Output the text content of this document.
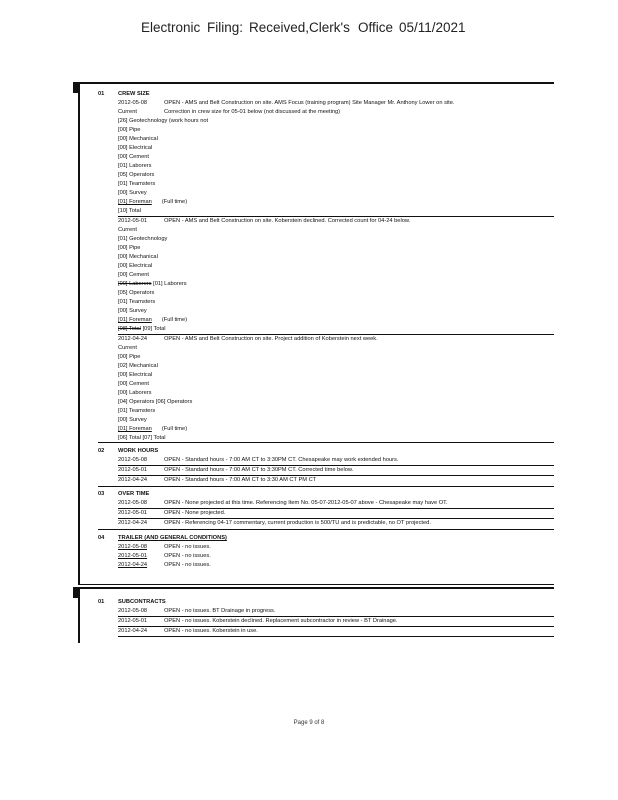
Electronic Filing: Received,Clerk's Office 05/11/2021
01 CREW SIZE
2012-05-08	OPEN - AMS and Belt Construction on site. AMS Focus (training program) Site Manager Mr. Anthony Lower on site.
Current	Correction in crew size for 05-01 below (not discussed at the meeting)
[26] Geotechnology (work hours not
[00] Pipe
[00] Mechanical
[00] Electrical
[00] Cement
[01] Laborers
[05] Operators
[01] Teamsters
[00] Survey
[01] Foreman (Full time)
[10] Total
2012-05-01	OPEN - AMS and Belt Construction on site. Koberstein declined. Corrected count for 04-24 below.
Current
[01] Geotechnology
[00] Pipe
[00] Mechanical
[00] Electrical
[00] Cement
[00] Laborers [01] Laborers
[05] Operators
[01] Teamsters
[00] Survey
[01] Foreman (Full time)
[08] Total [09] Total
2012-04-24	OPEN - AMS and Belt Construction on site. Project addition of Koberstein next week.
Current
[00] Pipe
[02] Mechanical
[00] Electrical
[00] Cement
[00] Laborers
[04] Operators [06] Operators
[01] Teamsters
[00] Survey
[01] Foreman (Full time)
[06] Total [07] Total
02 WORK HOURS
2012-05-08	OPEN - Standard hours - 7:00 AM CT to 3:30PM CT. Chesapeake may work extended hours.
2012-05-01	OPEN - Standard hours - 7:00 AM CT to 3:30PM CT. Corrected time below.
2012-04-24	OPEN - Standard hours - 7:00 AM CT to 3:30 AM CT PM CT
03 OVER TIME
2012-05-08	OPEN - None projected at this time. Referencing Item No. 05-07-2012-05-07 above - Chesapeake may have OT.
2012-05-01	OPEN - None projected.
2012-04-24	OPEN - Referencing 04-17 commentary, current production is 500/TU and is predictable, no OT projected.
04 TRAILER (AND GENERAL CONDITIONS)
2012-05-08	OPEN - no issues.
2012-05-01	OPEN - no issues.
2012-04-24	OPEN - no issues.
01 SUBCONTRACTS
2012-05-08	OPEN - no issues. BT Drainage in progress.
2012-05-01	OPEN - no issues. Koberstein declined. Replacement subcontractor in review - BT Drainage.
2012-04-24	OPEN - no issues. Koberstein in use.
Page 9 of 8
